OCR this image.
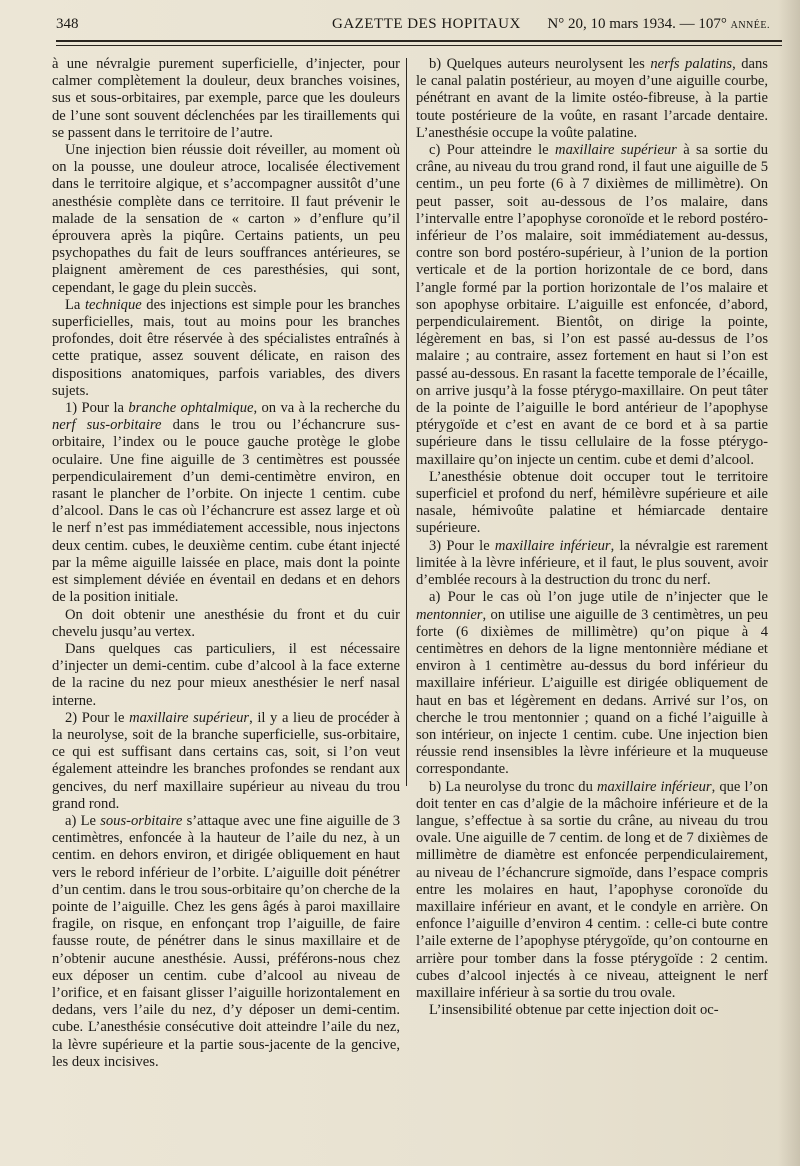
348	GAZETTE DES HOPITAUX N° 20, 10 mars 1934. — 107° ANNÉE.

à une névralgie purement superficielle, d’injecter, pour calmer complètement la douleur, deux branches voisines, sus et sous-orbitaires, par exemple, parce que les douleurs de l’une sont souvent déclenchées par les tiraillements qui se passent dans le territoire de l’autre.

Une injection bien réussie doit réveiller, au moment où on la pousse, une douleur atroce, localisée électivement dans le territoire algique, et s’accompagner aussitôt d’une anesthésie complète dans ce territoire. Il faut prévenir le malade de la sensation de « carton » d’enflure qu’il éprouvera après la piqûre. Certains patients, un peu psychopathes du fait de leurs souffrances antérieures, se plaignent amèrement de ces paresthésies, qui sont, cependant, le gage du plein succès.

La technique des injections est simple pour les branches superficielles, mais, tout au moins pour les branches profondes, doit être réservée à des spécialistes entraînés à cette pratique, assez souvent délicate, en raison des dispositions anatomiques, parfois variables, des divers sujets.

1) Pour la branche ophtalmique, on va à la recherche du nerf sus-orbitaire dans le trou ou l’échancrure sus-orbitaire, l’index ou le pouce gauche protège le globe oculaire. Une fine aiguille de 3 centimètres est poussée perpendiculairement d’un demi-centimètre environ, en rasant le plancher de l’orbite. On injecte 1 centim. cube d’alcool. Dans le cas où l’échancrure est assez large et où le nerf n’est pas immédiatement accessible, nous injectons deux centim. cubes, le deuxième centim. cube étant injecté par la même aiguille laissée en place, mais dont la pointe est simplement déviée en éventail en dedans et en dehors de la position initiale.

On doit obtenir une anesthésie du front et du cuir chevelu jusqu’au vertex.

Dans quelques cas particuliers, il est nécessaire d’injecter un demi-centim. cube d’alcool à la face externe de la racine du nez pour mieux anesthésier le nerf nasal interne.

2) Pour le maxillaire supérieur, il y a lieu de procéder à la neurolyse, soit de la branche superficielle, sus-orbitaire, ce qui est suffisant dans certains cas, soit, si l’on veut également atteindre les branches profondes se rendant aux gencives, du nerf maxillaire supérieur au niveau du trou grand rond.

a) Le sous-orbitaire s’attaque avec une fine aiguille de 3 centimètres, enfoncée à la hauteur de l’aile du nez, à un centim. en dehors environ, et dirigée obliquement en haut vers le rebord inférieur de l’orbite. L’aiguille doit pénétrer d’un centim. dans le trou sous-orbitaire qu’on cherche de la pointe de l’aiguille. Chez les gens âgés à paroi maxillaire fragile, on risque, en enfonçant trop l’aiguille, de faire fausse route, de pénétrer dans le sinus maxillaire et de n’obtenir aucune anesthésie. Aussi, préférons-nous chez eux déposer un centim. cube d’alcool au niveau de l’orifice, et en faisant glisser l’aiguille horizontalement en dedans, vers l’aile du nez, d’y déposer un demi-centim. cube. L’anesthésie consécutive doit atteindre l’aile du nez, la lèvre supérieure et la partie sous-jacente de la gencive, les deux incisives.

b) Quelques auteurs neurolysent les nerfs palatins, dans le canal palatin postérieur, au moyen d’une aiguille courbe, pénétrant en avant de la limite ostéo-fibreuse, à la partie toute postérieure de la voûte, en rasant l’arcade dentaire. L’anesthésie occupe la voûte palatine.

c) Pour atteindre le maxillaire supérieur à sa sortie du crâne, au niveau du trou grand rond, il faut une aiguille de 5 centim., un peu forte (6 à 7 dixièmes de millimètre). On peut passer, soit au-dessous de l’os malaire, dans l’intervalle entre l’apophyse coronoïde et le rebord postéro-inférieur de l’os malaire, soit immédiatement au-dessus, contre son bord postéro-supérieur, à l’union de la portion verticale et de la portion horizontale de ce bord, dans l’angle formé par la portion horizontale de l’os malaire et son apophyse orbitaire. L’aiguille est enfoncée, d’abord, perpendiculairement. Bientôt, on dirige la pointe, légèrement en bas, si l’on est passé au-dessus de l’os malaire ; au contraire, assez fortement en haut si l’on est passé au-dessous. En rasant la facette temporale de l’écaille, on arrive jusqu’à la fosse ptérygo-maxillaire. On peut tâter de la pointe de l’aiguille le bord antérieur de l’apophyse ptérygoïde et c’est en avant de ce bord et à sa partie supérieure dans le tissu cellulaire de la fosse ptérygo-maxillaire qu’on injecte un centim. cube et demi d’alcool.

L’anesthésie obtenue doit occuper tout le territoire superficiel et profond du nerf, hémilèvre supérieure et aile nasale, hémivoûte palatine et hémiarcade dentaire supérieure.

3) Pour le maxillaire inférieur, la névralgie est rarement limitée à la lèvre inférieure, et il faut, le plus souvent, avoir d’emblée recours à la destruction du tronc du nerf.

a) Pour le cas où l’on juge utile de n’injecter que le mentonnier, on utilise une aiguille de 3 centimètres, un peu forte (6 dixièmes de millimètre) qu’on pique à 4 centimètres en dehors de la ligne mentonnière médiane et environ à 1 centimètre au-dessus du bord inférieur du maxillaire inférieur. L’aiguille est dirigée obliquement de haut en bas et légèrement en dedans. Arrivé sur l’os, on cherche le trou mentonnier ; quand on a fiché l’aiguille à son intérieur, on injecte 1 centim. cube. Une injection bien réussie rend insensibles la lèvre inférieure et la muqueuse correspondante.

b) La neurolyse du tronc du maxillaire inférieur, que l’on doit tenter en cas d’algie de la mâchoire inférieure et de la langue, s’effectue à sa sortie du crâne, au niveau du trou ovale. Une aiguille de 7 centim. de long et de 7 dixièmes de millimètre de diamètre est enfoncée perpendiculairement, au niveau de l’échancrure sigmoïde, dans l’espace compris entre les molaires en haut, l’apophyse coronoïde du maxillaire inférieur en avant, et le condyle en arrière. On enfonce l’aiguille d’environ 4 centim. : celle-ci bute contre l’aile externe de l’apophyse ptérygoïde, qu’on contourne en arrière pour tomber dans la fosse ptérygoïde : 2 centim. cubes d’alcool injectés à ce niveau, atteignent le nerf maxillaire inférieur à sa sortie du trou ovale.

L’insensibilité obtenue par cette injection doit oc-
